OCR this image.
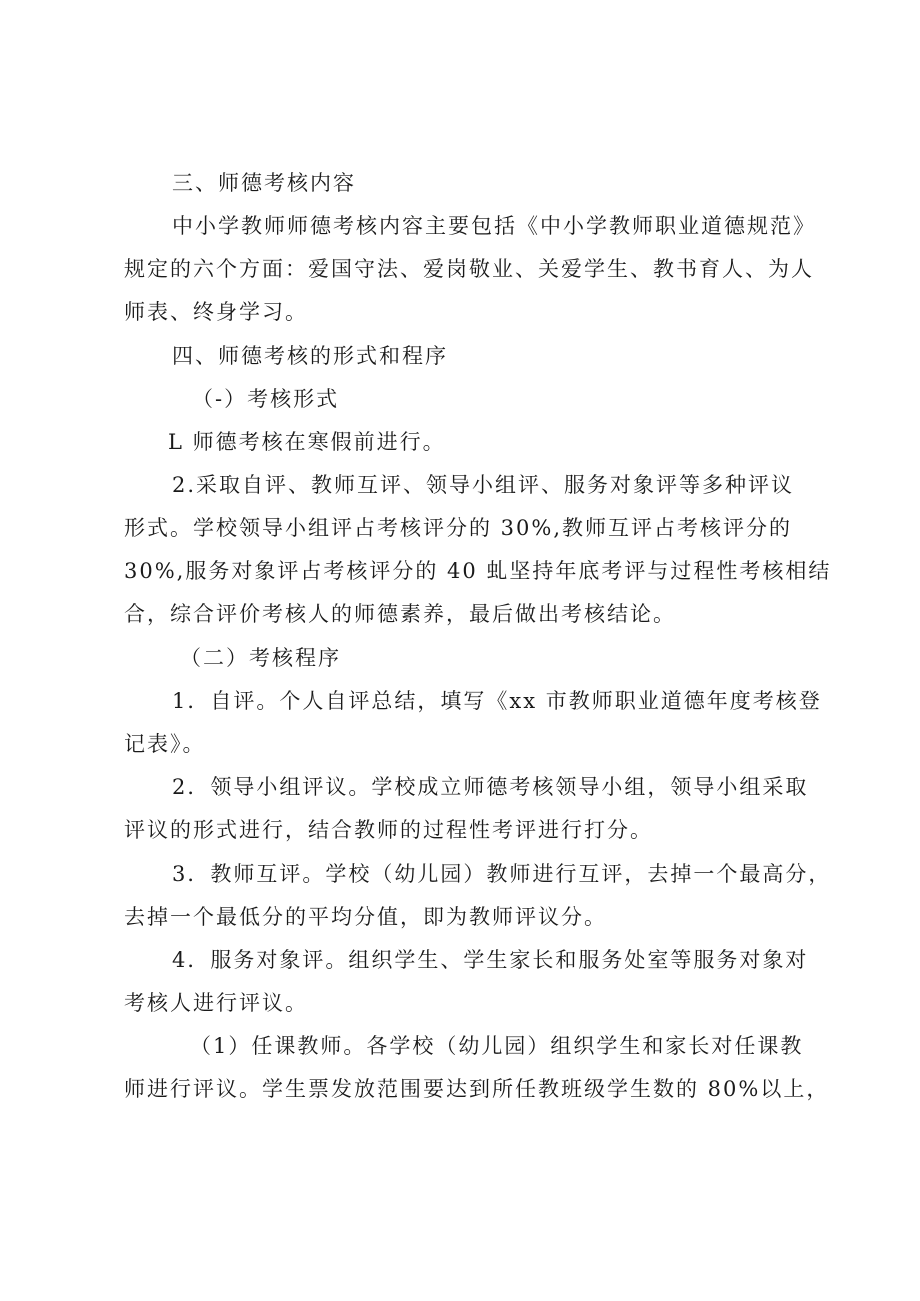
三、师德考核内容
中小学教师师德考核内容主要包括《中小学教师职业道德规范》
规定的六个方面：爱国守法、爱岗敬业、关爱学生、教书育人、为人
师表、终身学习。
四、师德考核的形式和程序
（-）考核形式
L 师德考核在寒假前进行。
2.采取自评、教师互评、领导小组评、服务对象评等多种评议
形式。学校领导小组评占考核评分的 30%,教师互评占考核评分的
30%,服务对象评占考核评分的 40 虬坚持年底考评与过程性考核相结
合，综合评价考核人的师德素养，最后做出考核结论。
（二）考核程序
1．自评。个人自评总结，填写《xx 市教师职业道德年度考核登
记表》。
2．领导小组评议。学校成立师德考核领导小组，领导小组采取
评议的形式进行，结合教师的过程性考评进行打分。
3．教师互评。学校（幼儿园）教师进行互评，去掉一个最高分，
去掉一个最低分的平均分值，即为教师评议分。
4．服务对象评。组织学生、学生家长和服务处室等服务对象对
考核人进行评议。
（1）任课教师。各学校（幼儿园）组织学生和家长对任课教
师进行评议。学生票发放范围要达到所任教班级学生数的 80%以上，
